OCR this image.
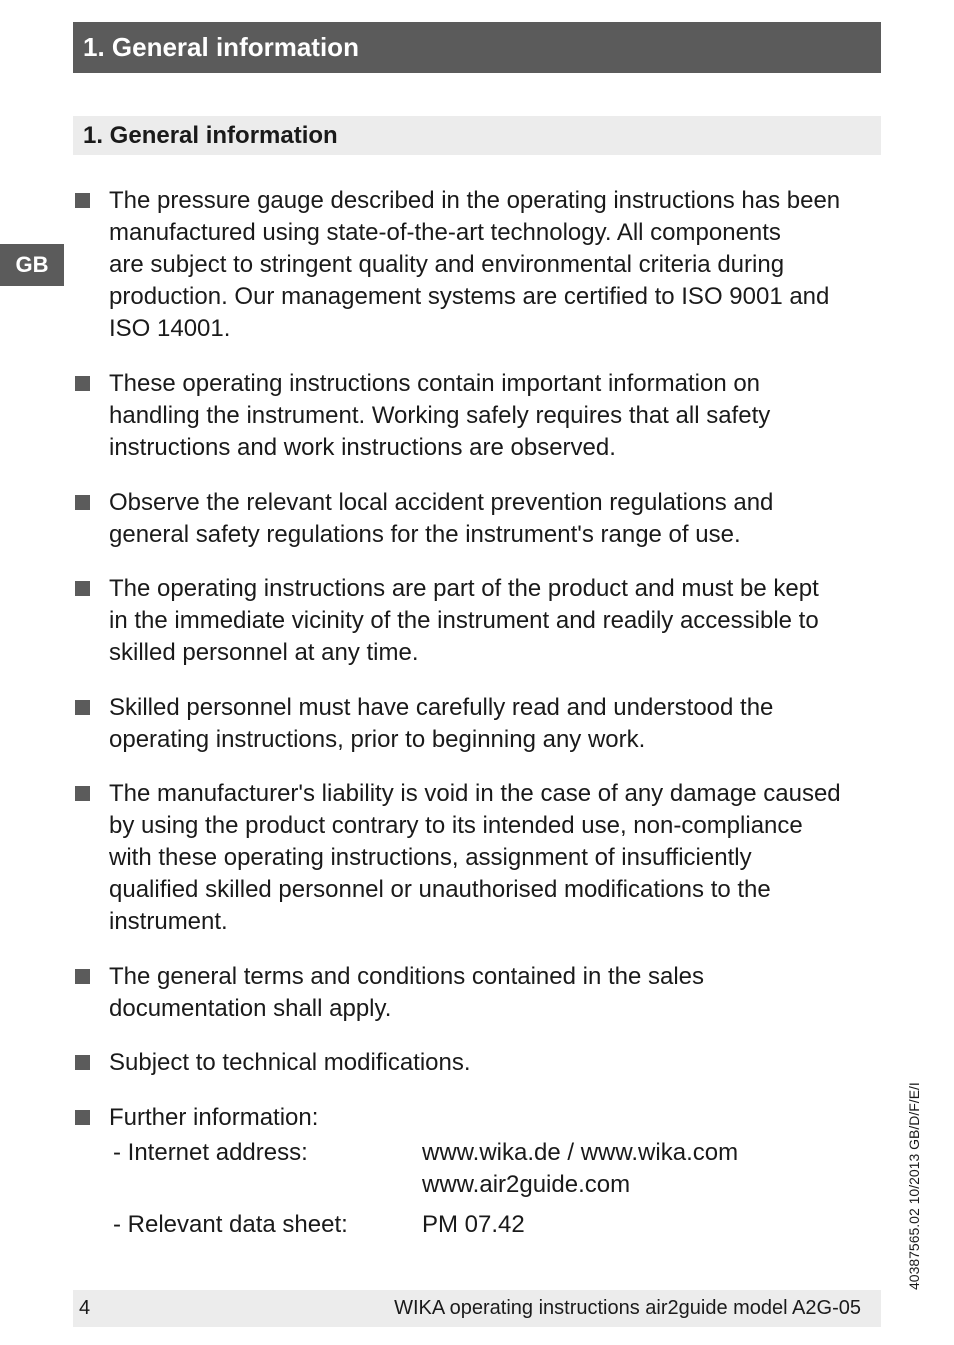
1. General information
GB
1. General information
The pressure gauge described in the operating instructions has been
manufactured using state-of-the-art technology. All components
are subject to stringent quality and environmental criteria during
production. Our management systems are certified to ISO 9001 and
ISO 14001.
These operating instructions contain important information on
handling the instrument. Working safely requires that all safety
instructions and work instructions are observed.
Observe the relevant local accident prevention regulations and
general safety regulations for the instrument's range of use.
The operating instructions are part of the product and must be kept
in the immediate vicinity of the instrument and readily accessible to
skilled personnel at any time.
Skilled personnel must have carefully read and understood the
operating instructions, prior to beginning any work.
The manufacturer's liability is void in the case of any damage caused
by using the product contrary to its intended use, non-compliance
with these operating instructions, assignment of insufficiently
qualified skilled personnel or unauthorised modifications to the
instrument.
The general terms and conditions contained in the sales
documentation shall apply.
Subject to technical modifications.
Further information:
- Internet address:	www.wika.de / www.wika.com
www.air2guide.com
- Relevant data sheet:	PM 07.42
4	WIKA operating instructions air2guide model A2G-05
40387565.02 10/2013 GB/D/F/E/I
